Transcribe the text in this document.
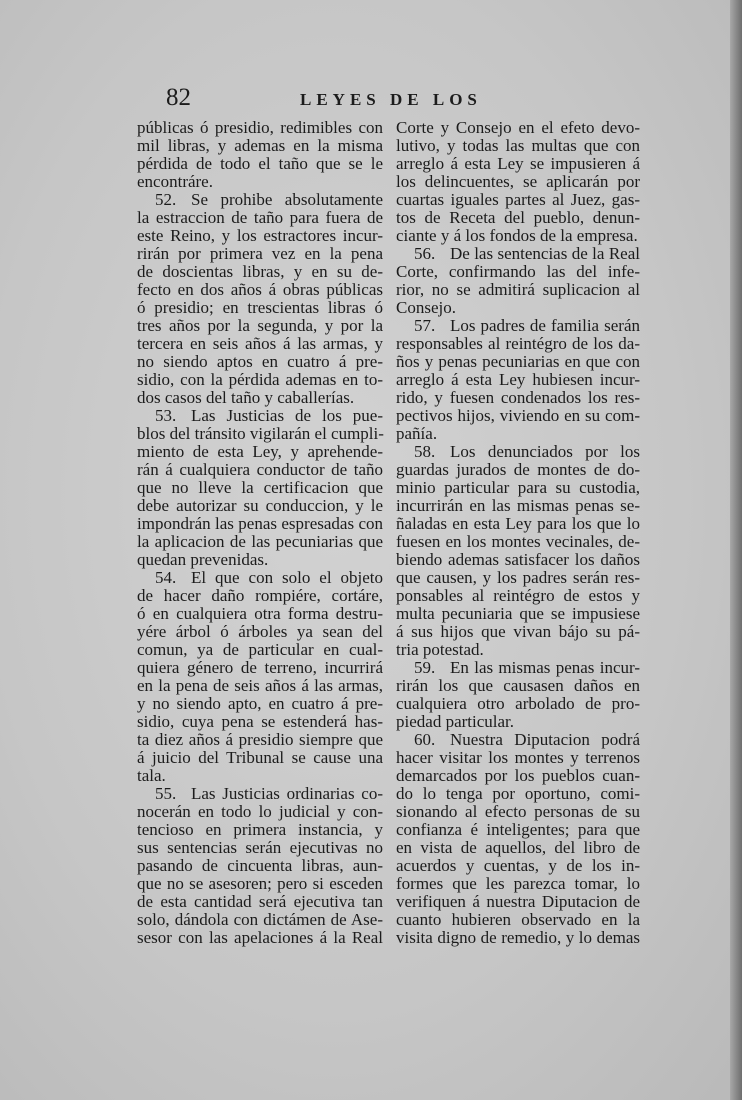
82	LEYES DE LOS
públicas ó presidio, redimibles con
mil libras, y ademas en la misma
pérdida de todo el taño que se le
encontráre.
52. Se prohibe absolutamente
la estraccion de taño para fuera de
este Reino, y los estractores incur-
rirán por primera vez en la pena
de doscientas libras, y en su de-
fecto en dos años á obras públicas
ó presidio; en trescientas libras ó
tres años por la segunda, y por la
tercera en seis años á las armas, y
no siendo aptos en cuatro á pre-
sidio, con la pérdida ademas en to-
dos casos del taño y caballerías.
53. Las Justicias de los pue-
blos del tránsito vigilarán el cumpli-
miento de esta Ley, y aprehende-
rán á cualquiera conductor de taño
que no lleve la certificacion que
debe autorizar su conduccion, y le
impondrán las penas espresadas con
la aplicacion de las pecuniarias que
quedan prevenidas.
54. El que con solo el objeto
de hacer daño rompiére, cortáre,
ó en cualquiera otra forma destru-
yére árbol ó árboles ya sean del
comun, ya de particular en cual-
quiera género de terreno, incurrirá
en la pena de seis años á las armas,
y no siendo apto, en cuatro á pre-
sidio, cuya pena se estenderá has-
ta diez años á presidio siempre que
á juicio del Tribunal se cause una
tala.
55. Las Justicias ordinarias co-
nocerán en todo lo judicial y con-
tencioso en primera instancia, y
sus sentencias serán ejecutivas no
pasando de cincuenta libras, aun-
que no se asesoren; pero si esceden
de esta cantidad será ejecutiva tan
solo, dándola con dictámen de Ase-
sesor con las apelaciones á la Real
Corte y Consejo en el efeto devo-
lutivo, y todas las multas que con
arreglo á esta Ley se impusieren á
los delincuentes, se aplicarán por
cuartas iguales partes al Juez, gas-
tos de Receta del pueblo, denun-
ciante y á los fondos de la empresa.
56. De las sentencias de la Real
Corte, confirmando las del infe-
rior, no se admitirá suplicacion al
Consejo.
57. Los padres de familia serán
responsables al reintégro de los da-
ños y penas pecuniarias en que con
arreglo á esta Ley hubiesen incur-
rido, y fuesen condenados los res-
pectivos hijos, viviendo en su com-
pañía.
58. Los denunciados por los
guardas jurados de montes de do-
minio particular para su custodia,
incurrirán en las mismas penas se-
ñaladas en esta Ley para los que lo
fuesen en los montes vecinales, de-
biendo ademas satisfacer los daños
que causen, y los padres serán res-
ponsables al reintégro de estos y
multa pecuniaria que se impusiese
á sus hijos que vivan bájo su pá-
tria potestad.
59. En las mismas penas incur-
rirán los que causasen daños en
cualquiera otro arbolado de pro-
piedad particular.
60. Nuestra Diputacion podrá
hacer visitar los montes y terrenos
demarcados por los pueblos cuan-
do lo tenga por oportuno, comi-
sionando al efecto personas de su
confianza é inteligentes; para que
en vista de aquellos, del libro de
acuerdos y cuentas, y de los in-
formes que les parezca tomar, lo
verifiquen á nuestra Diputacion de
cuanto hubieren observado en la
visita digno de remedio, y lo demas
